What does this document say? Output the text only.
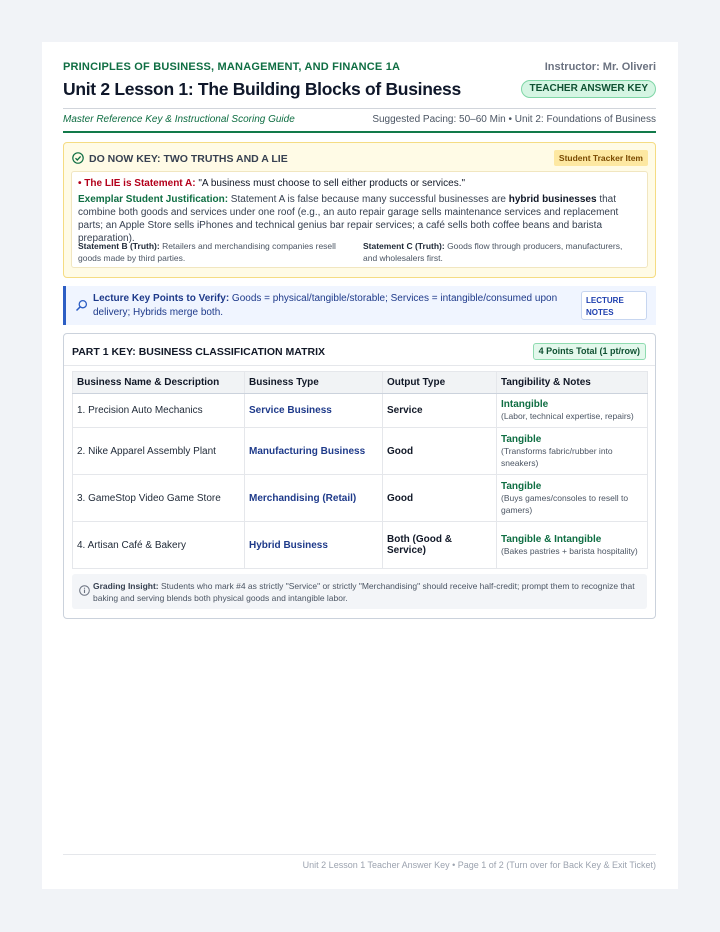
PRINCIPLES OF BUSINESS, MANAGEMENT, AND FINANCE 1A	Instructor: Mr. Oliveri
Unit 2 Lesson 1: The Building Blocks of Business	TEACHER ANSWER KEY
Master Reference Key & Instructional Scoring Guide	Suggested Pacing: 50–60 Min • Unit 2: Foundations of Business
DO NOW KEY: TWO TRUTHS AND A LIE	Student Tracker Item
• The LIE is Statement A: "A business must choose to sell either products or services."
Exemplar Student Justification: Statement A is false because many successful businesses are hybrid businesses that combine both goods and services under one roof (e.g., an auto repair garage sells maintenance services and replacement parts; an Apple Store sells iPhones and technical genius bar repair services; a café sells both coffee beans and barista preparation).
Statement B (Truth): Retailers and merchandising companies resell goods made by third parties.
Statement C (Truth): Goods flow through producers, manufacturers, and wholesalers first.
Lecture Key Points to Verify: Goods = physical/tangible/storable; Services = intangible/consumed upon delivery; Hybrids merge both.
LECTURE
NOTES
PART 1 KEY: BUSINESS CLASSIFICATION MATRIX	4 Points Total (1 pt/row)
Business Name & Description	Business Type	Output Type	Tangibility & Notes
1. Precision Auto Mechanics	Service Business	Service	Intangible
(Labor, technical expertise, repairs)

2. Nike Apparel Assembly Plant	Manufacturing Business	Good	Tangible
(Transforms fabric/rubber into sneakers)

3. GameStop Video Game Store	Merchandising (Retail)	Good	Tangible
(Buys games/consoles to resell to gamers)

4. Artisan Café & Bakery	Hybrid Business	Both (Good & Service)	Tangible & Intangible
(Bakes pastries + barista hospitality)
Grading Insight: Students who mark #4 as strictly "Service" or strictly "Merchandising" should receive half-credit; prompt them to recognize that baking and serving blends both physical goods and intangible labor.
Unit 2 Lesson 1 Teacher Answer Key • Page 1 of 2 (Turn over for Back Key & Exit Ticket)
